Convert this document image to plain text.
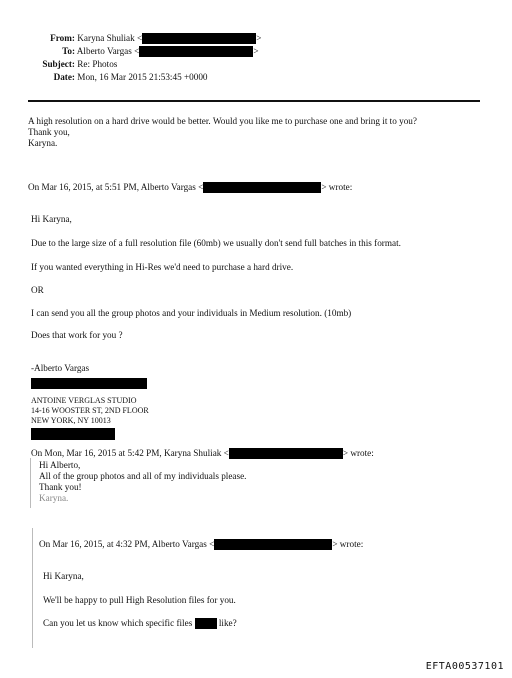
From: Karyna Shuliak <	>
To: Alberto Vargas <	>
Subject: Re: Photos
Date: Mon, 16 Mar 2015 21:53:45 +0000
A high resolution on a hard drive would be better. Would you like me to purchase one and bring it to you?
Thank you,
Karyna.
On Mar 16, 2015, at 5:51 PM, Alberto Vargas <	> wrote:
Hi Karyna,
Due to the large size of a full resolution file (60mb) we usually don't send full batches in this format.
If you wanted everything in Hi-Res we'd need to purchase a hard drive.
OR
I can send you all the group photos and your individuals in Medium resolution. (10mb)
Does that work for you ?
-Alberto Vargas
ANTOINE VERGLAS STUDIO
14-16 WOOSTER ST, 2ND FLOOR
NEW YORK, NY 10013
On Mon, Mar 16, 2015 at 5:42 PM, Karyna Shuliak <	> wrote:
Hi Alberto,
All of the group photos and all of my individuals please.
Thank you!
Karyna.
On Mar 16, 2015, at 4:32 PM, Alberto Vargas <	> wrote:
Hi Karyna,
We'll be happy to pull High Resolution files for you.
Can you let us know which specific files	like?
EFTA00537101
